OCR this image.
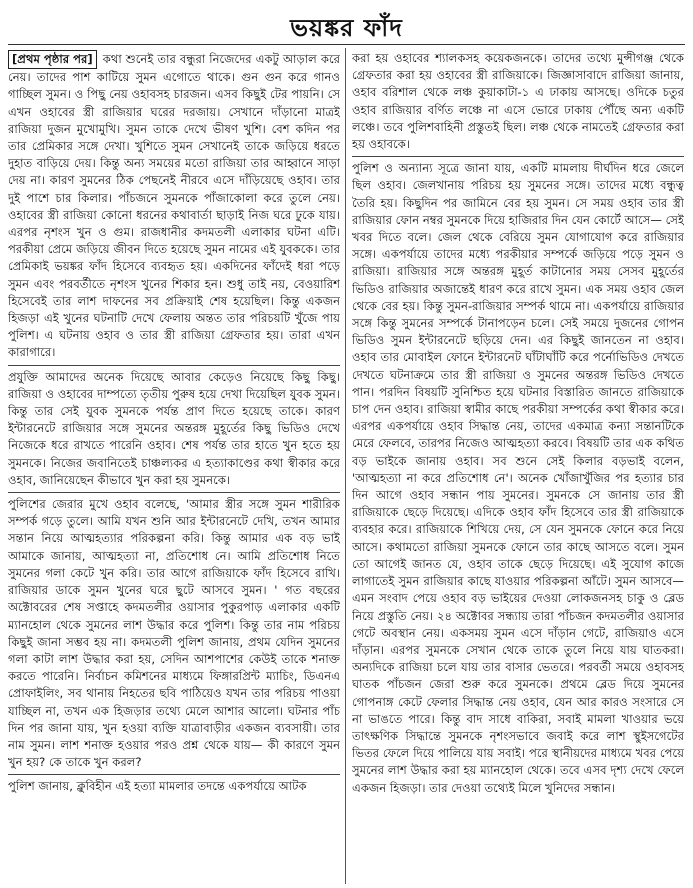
ভয়ঙ্কর ফাঁদ

[প্রথম পৃষ্ঠার পর] কথা শুনেই তার বন্ধুরা নিজেদের একটু আড়াল করে নেয়। তাদের পাশ কাটিয়ে সুমন এগোতে থাকে। গুন গুন করে গানও গাচ্ছিল সুমন। ও পিছু নেয় ওহাবসহ চারজন। এসব কিছুই টের পায়নি। সে এখন ওহাবের স্ত্রী রাজিয়ার ঘরের দরজায়। সেখানে দাঁড়ানো মাত্রই রাজিয়া দুজন মুখোমুখি। সুমন তাকে দেখে ভীষণ খুশি। বেশ কদিন পর তার প্রেমিকার সঙ্গে দেখা। খুশিতে সুমন সেখানেই তাকে জড়িয়ে ধরতে দুহাত বাড়িয়ে দেয়। কিন্তু অন্য সময়ের মতো রাজিয়া তার আহ্বানে সাড়া দেয় না। কারণ সুমনের ঠিক পেছনেই নীরবে এসে দাঁড়িয়েছে ওহাব। তার দুই পাশে চার কিলার। পাঁচজনে সুমনকে পাঁজাকোলা করে তুলে নেয়। ওহাবের স্ত্রী রাজিয়া কোনো ধরনের কথাবার্তা ছাড়াই নিজ ঘরে ঢুকে যায়। এরপর নৃশংস খুন ও গুম। রাজধানীর কদমতলী এলাকার ঘটনা এটি। পরকীয়া প্রেমে জড়িয়ে জীবন দিতে হয়েছে সুমন নামের এই যুবককে। তার প্রেমিকাই ভয়ঙ্কর ফাঁদ হিসেবে ব্যবহৃত হয়। একদিনের ফাঁদেই ধরা পড়ে সুমন এবং পরবর্তীতে নৃশংস খুনের শিকার হন। শুধু তাই নয়, বেওয়ারিশ হিসেবেই তার লাশ দাফনের সব প্রক্রিয়াই শেষ হয়েছিল। কিন্তু একজন হিজড়া এই খুনের ঘটনাটি দেখে ফেলায় অন্তত তার পরিচয়টি খুঁজে পায় পুলিশ। এ ঘটনায় ওহাব ও তার স্ত্রী রাজিয়া গ্রেফতার হয়। তারা এখন কারাগারে।

প্রযুক্তি আমাদের অনেক দিয়েছে আবার কেড়েও নিয়েছে কিছু কিছু। রাজিয়া ও ওহাবের দাম্পত্যে তৃতীয় পুরুষ হয়ে দেখা দিয়েছিল যুবক সুমন। কিন্তু তার সেই যুবক সুমনকে পর্যন্ত প্রাণ দিতে হয়েছে তাকে। কারণ ইন্টারনেটে রাজিয়ার সঙ্গে সুমনের অন্তরঙ্গ মুহূর্তের কিছু ভিডিও দেখে নিজেকে ধরে রাখতে পারেনি ওহাব। শেষ পর্যন্ত তার হাতে খুন হতে হয় সুমনকে। নিজের জবানিতেই চাঞ্চল্যকর এ হত্যাকাণ্ডের কথা স্বীকার করে ওহাব, জানিয়েছেন কীভাবে খুন করা হয় সুমনকে।

পুলিশের জেরার মুখে ওহাব বলেছে, 'আমার স্ত্রীর সঙ্গে সুমন শারীরিক সম্পর্ক গড়ে তুলে। আমি যখন শুনি আর ইন্টারনেটে দেখি, তখন আমার সন্তান নিয়ে আত্মহত্যার পরিকল্পনা করি। কিন্তু আমার এক বড় ভাই আমাকে জানায়, আত্মহত্যা না, প্রতিশোধ নে। আমি প্রতিশোধ নিতে সুমনের গলা কেটে খুন করি। তার আগে রাজিয়াকে ফাঁদ হিসেবে রাখি। রাজিয়ার ডাকে সুমন খুনের ঘরে ছুটে আসবে সুমন। ' গত বছরের অক্টোবরের শেষ সপ্তাহে কদমতলীর ওয়াসার পুকুরপাড় এলাকার একটি ম্যানহোল থেকে সুমনের লাশ উদ্ধার করে পুলিশ। কিন্তু তার নাম পরিচয় কিছুই জানা সম্ভব হয় না। কদমতলী পুলিশ জানায়, প্রথম যেদিন সুমনের গলা কাটা লাশ উদ্ধার করা হয়, সেদিন আশপাশের কেউই তাকে শনাক্ত করতে পারেনি। নির্বাচন কমিশনের মাধ্যমে ফিঙ্গারপ্রিন্ট ম্যাচিং, ডিএনএ প্রোফাইলিং, সব থানায় নিহতের ছবি পাঠিয়েও যখন তার পরিচয় পাওয়া যাচ্ছিল না, তখন এক হিজড়ার তথ্যে মেলে আশার আলো। ঘটনার পাঁচ দিন পর জানা যায়, খুন হওয়া ব্যক্তি যাত্রাবাড়ীর একজন ব্যবসায়ী। তার নাম সুমন। লাশ শনাক্ত হওয়ার পরও প্রশ্ন থেকে যায়— কী কারণে সুমন খুন হয়? কে তাকে খুন করল?

পুলিশ জানায়, ক্লুবিহীন এই হত্যা মামলার তদন্তে একপর্যায়ে আটক

করা হয় ওহাবের শ্যালকসহ কয়েকজনকে। তাদের তথ্যে মুন্সীগঞ্জ থেকে গ্রেফতার করা হয় ওহাবের স্ত্রী রাজিয়াকে। জিজ্ঞাসাবাদে রাজিয়া জানায়, ওহাব বরিশাল থেকে লঞ্চ কুয়াকাটা-১ এ ঢাকায় আসছে। ওদিকে চতুর ওহাব রাজিয়ার বর্ণিত লঞ্চে না এসে ভোরে ঢাকায় পৌঁছে অন্য একটি লঞ্চে। তবে পুলিশবাহিনী প্রস্তুতই ছিল। লঞ্চ থেকে নামতেই গ্রেফতার করা হয় ওহাবকে।

পুলিশ ও অন্যান্য সূত্রে জানা যায়, একটি মামলায় দীর্ঘদিন ধরে জেলে ছিল ওহাব। জেলখানায় পরিচয় হয় সুমনের সঙ্গে। তাদের মধ্যে বন্ধুত্ব তৈরি হয়। কিছুদিন পর জামিনে বের হয় সুমন। সে সময় ওহাব তার স্ত্রী রাজিয়ার ফোন নম্বর সুমনকে দিয়ে হাজিরার দিন যেন কোর্টে আসে— সেই খবর দিতে বলে। জেল থেকে বেরিয়ে সুমন যোগাযোগ করে রাজিয়ার সঙ্গে। একপর্যায়ে তাদের মধ্যে পরকীয়ার সম্পর্কে জড়িয়ে পড়ে সুমন ও রাজিয়া। রাজিয়ার সঙ্গে অন্তরঙ্গ মুহূর্ত কাটানোর সময় সেসব মুহূর্তের ভিডিও রাজিয়ার অজান্তেই ধারণ করে রাখে সুমন। এক সময় ওহাব জেল থেকে বের হয়। কিন্তু সুমন-রাজিয়ার সম্পর্ক থামে না। একপর্যায়ে রাজিয়ার সঙ্গে কিন্তু সুমনের সম্পর্কে টানাপড়েন চলে। সেই সময়ে দুজনের গোপন ভিডিও সুমন ইন্টারনেটে ছড়িয়ে দেন। এর কিছুই জানতেন না ওহাব। ওহাব তার মোবাইল ফোনে ইন্টারনেট ঘাঁটাঘাঁটি করে পর্নোভিডিও দেখতে দেখতে ঘটনাক্রমে তার স্ত্রী রাজিয়া ও সুমনের অন্তরঙ্গ ভিডিও দেখতে পান। পরদিন বিষয়টি সুনিশ্চিত হয়ে ঘটনার বিস্তারিত জানতে রাজিয়াকে চাপ দেন ওহাব। রাজিয়া স্বামীর কাছে পরকীয়া সম্পর্কের কথা স্বীকার করে। এরপর একপর্যায়ে ওহাব সিদ্ধান্ত নেয়, তাদের একমাত্র কন্যা সন্তানটিকে মেরে ফেলবে, তারপর নিজেও আত্মহত্যা করবে। বিষয়টি তার এক কথিত বড় ভাইকে জানায় ওহাব। সব শুনে সেই কিলার বড়ভাই বলেন, 'আত্মহত্যা না করে প্রতিশোধ নে'। অনেক খোঁজাখুঁজির পর হত্যার চার দিন আগে ওহাব সন্ধান পায় সুমনের। সুমনকে সে জানায় তার স্ত্রী রাজিয়াকে ছেড়ে দিয়েছে। এদিকে ওহাব ফাঁদ হিসেবে তার স্ত্রী রাজিয়াকে ব্যবহার করে। রাজিয়াকে শিখিয়ে দেয়, সে যেন সুমনকে ফোনে করে নিয়ে আসে। কথামতো রাজিয়া সুমনকে ফোনে তার কাছে আসতে বলে। সুমন তো আগেই জানত যে, ওহাব তাকে ছেড়ে দিয়েছে। এই সুযোগ কাজে লাগাতেই সুমন রাজিয়ার কাছে যাওয়ার পরিকল্পনা আঁটে। সুমন আসবে—এমন সংবাদ পেয়ে ওহাব বড় ভাইয়ের দেওয়া লোকজনসহ চাকু ও ব্লেড নিয়ে প্রস্তুতি নেয়। ২৪ অক্টোবর সন্ধ্যায় তারা পাঁচজন কদমতলীর ওয়াসার গেটে অবস্থান নেয়। একসময় সুমন এসে দাঁড়ান গেটে, রাজিয়াও এসে দাঁড়ান। এরপর সুমনকে সেখান থেকে তাকে তুলে নিয়ে যায় ঘাতকরা। অন্যদিকে রাজিয়া চলে যায় তার বাসার ভেতরে। পরবর্তী সময়ে ওহাবসহ ঘাতক পাঁচজন জেরা শুরু করে সুমনকে। প্রথমে ব্লেড দিয়ে সুমনের গোপনাঙ্গ কেটে ফেলার সিদ্ধান্ত নেয় ওহাব, যেন আর কারও সংসারে সে না ভাঙতে পারে। কিন্তু বাদ সাধে বাকিরা, সবাই মামলা খাওয়ার ভয়ে তাৎক্ষণিক সিদ্ধান্তে সুমনকে নৃশংসভাবে জবাই করে লাশ স্থুইসগেটের ভিতর ফেলে দিয়ে পালিয়ে যায় সবাই। পরে স্থানীয়দের মাধ্যমে খবর পেয়ে সুমনের লাশ উদ্ধার করা হয় ম্যানহোল থেকে। তবে এসব দৃশ্য দেখে ফেলে একজন হিজড়া। তার দেওয়া তথ্যেই মিলে খুনিদের সন্ধান।
